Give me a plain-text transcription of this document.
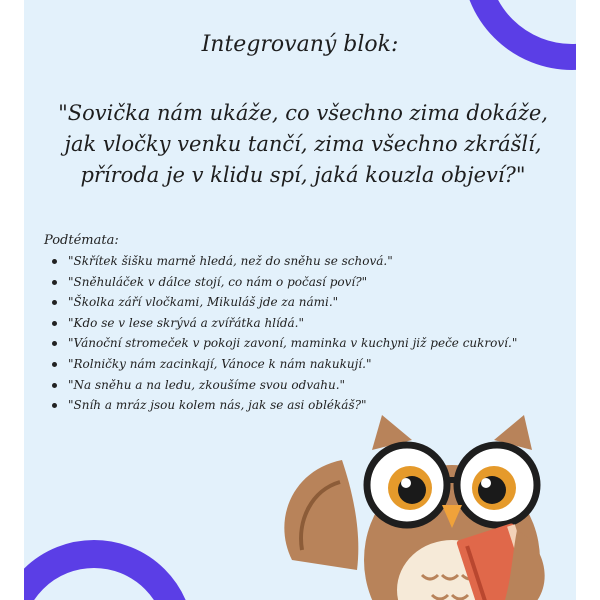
Integrovaný blok:
"Sovička nám ukáže, co všechno zima dokáže, jak vločky venku tančí, zima všechno zkrášlí, příroda je v klidu spí, jaká kouzla objeví?"
Podtémata:
"Skřítek šišku marně hledá, než do sněhu se schová."
"Sněhuláček v dálce stojí, co nám o počasí poví?"
"Školka září vločkami, Mikuláš jde za námi."
"Kdo se v lese skrývá a zvířátka hlídá."
"Vánoční stromeček v pokoji zavoní, maminka v kuchyni již peče cukroví."
"Rolničky nám zacinkají, Vánoce k nám nakukují."
"Na sněhu a na ledu, zkoušíme svou odvahu."
"Sníh a mráz jsou kolem nás, jak se asi oblékáš?"
